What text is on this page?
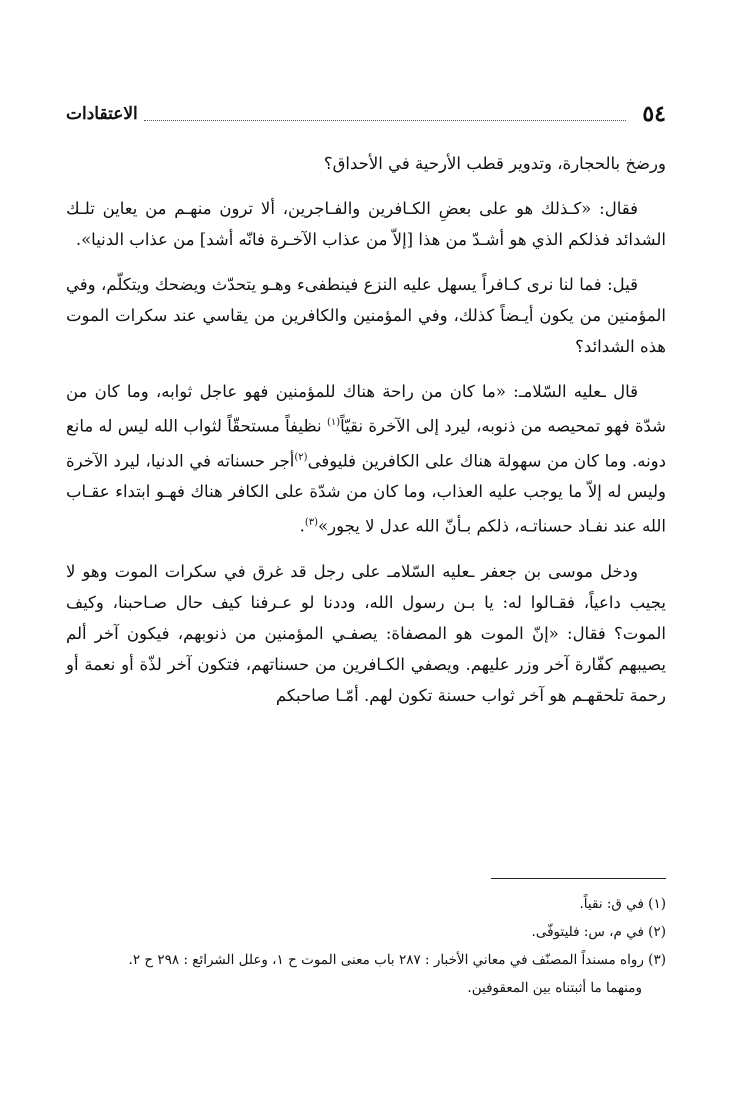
٥٤
الاعتقادات

ورضخ بالحجارة، وتدوير قطب الأرحية في الأحداق؟

فقال: «كـذلك هو على بعضِ الكـافرين والفـاجرين، ألا ترون منهـم من يعاين تلـك الشدائد فذلكم الذي هو أشـدّ من هذا [إلاّ من عذاب الآخـرة فانّه أشد] من عذاب الدنيا».

قيل: فما لنا نرى كـافراً يسهل عليه النزع فينطفىء وهـو يتحدّث ويضحك ويتكلّم، وفي المؤمنين من يكون أيـضاً كذلك، وفي المؤمنين والكافرين من يقاسي عند سكرات الموت هذه الشدائد؟

قال ـعليه السّلامـ: «ما كان من راحة هناك للمؤمنين فهو عاجل ثوابه، وما كان من شدّة فهو تمحيصه من ذنوبه، ليرد إلى الآخرة نقيّاً$^{(١)}$ نظيفاً مستحقّاً لثواب الله ليس له مانع دونه. وما كان من سهولة هناك على الكافرين فليوفى$^{(٢)}$أجر حسناته في الدنيا، ليرد الآخرة وليس له إلاّ ما يوجب عليه العذاب، وما كان من شدّة على الكافر هناك فهـو ابتداء عقـاب الله عند نفـاد حسناتـه، ذلكم بـأنّ الله عدل لا يجور»$^{(٣)}$.

ودخل موسى بن جعفر ـعليه السّلامـ على رجل قد غرق في سكرات الموت وهو لا يجيب داعياً، فقـالوا له: يا بـن رسول الله، وددنا لو عـرفنا كيف حال صـاحبنا، وكيف الموت؟ فقال: «إنّ الموت هو المصفاة: يصفـي المؤمنين من ذنوبهم، فيكون آخر ألم يصيبهم كفّارة آخر وزر عليهم. ويصفي الكـافرين من حسناتهم، فتكون آخر لذّة أو نعمة أو رحمة تلحقهـم هو آخر ثواب حسنة تكون لهم. أمّـا صاحبكم

(١) في ق: نقياً.
(٢) في م، س: فليتوفّى.
(٣) رواه مسنداً المصنّف في معاني الأخبار : ٢٨٧ باب معنى الموت ح ١، وعلل الشرائع : ٢٩٨ ح ٢.
ومنهما ما أثبتناه بين المعقوفين.
